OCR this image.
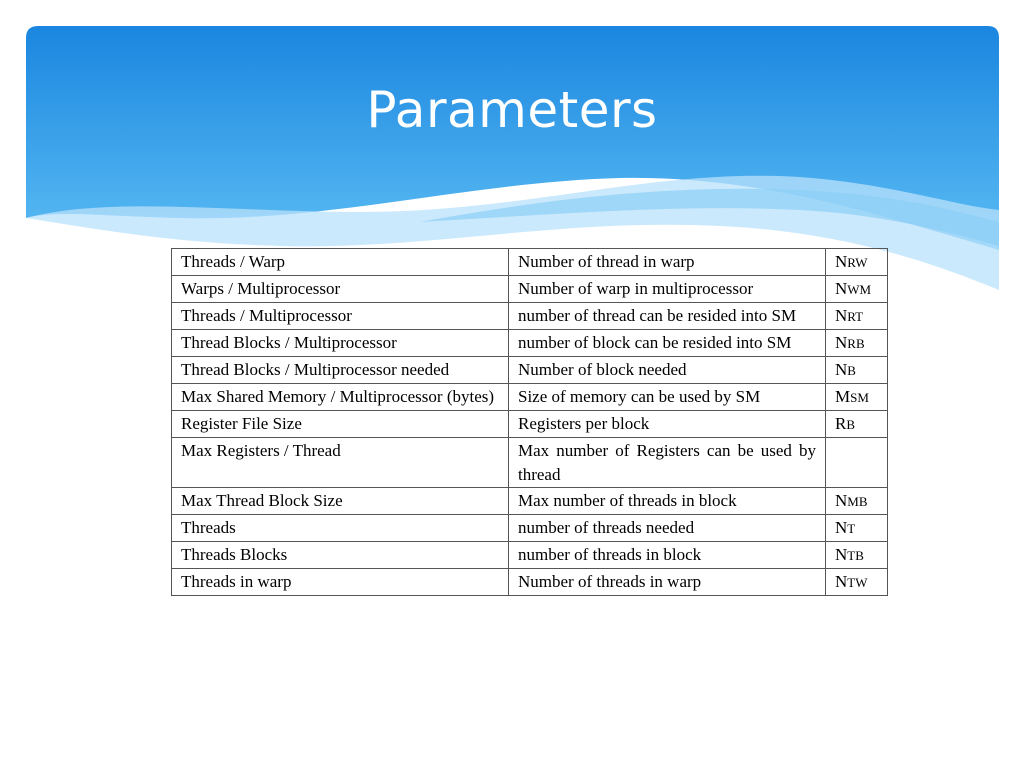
Parameters
Threads / Warp	Number of thread in warp	NRW
Warps / Multiprocessor	Number of warp in multiprocessor	NWM
Threads / Multiprocessor	number of thread can be resided into SM	NRT
Thread Blocks / Multiprocessor	number of block can be resided into SM	NRB
Thread Blocks / Multiprocessor needed	Number of block needed	NB
Max Shared Memory / Multiprocessor (bytes)	Size of memory can be used by SM	MSM
Register File Size	Registers per block	RB
Max Registers / Thread	Max number of Registers can be used by thread	
Max Thread Block Size	Max number of threads in block	NMB
Threads	number of threads needed	NT
Threads Blocks	number of threads in block	NTB
Threads in warp	Number of threads in warp	NTW
